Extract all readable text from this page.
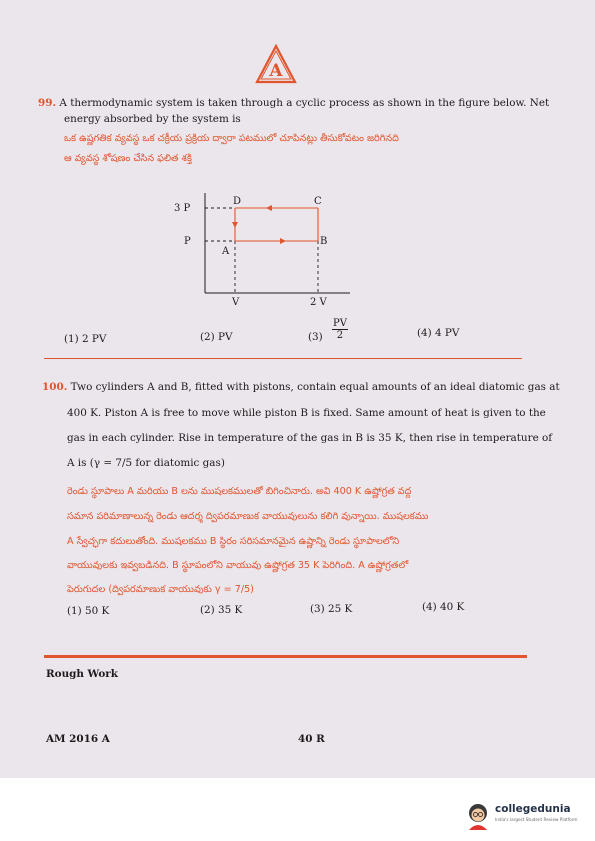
A
99. A thermodynamic system is taken through a cyclic process as shown in the figure below. Net
energy absorbed by the system is
ఒక ఉష్ణగతిక వ్యవస్థ ఒక చక్రీయ ప్రక్రియ ద్వారా పటములో చూపినట్లు తీసుకోవటం జరిగినది
ఆ వ్యవస్థ శోషణం చేసిన ఫలిత శక్తి
3 P
P
V	2 V
D	C
A
B
(1) 2 PV	(2) PV	$(3) \frac{PV}{2}$	(4) 4 PV
100. Two cylinders A and B, fitted with pistons, contain equal amounts of an ideal diatomic gas at
400 K. Piston A is free to move while piston B is fixed. Same amount of heat is given to the
gas in each cylinder. Rise in temperature of the gas in B is 35 K, then rise in temperature of
A is (γ = 7/5 for diatomic gas)
రెండు స్థూపాలు A మరియు B లను ముషలకములతో బిగించినారు. అవి 400 K ఉష్ణోగ్రత వద్ద
సమాన పరిమాణాలున్న రెండు ఆదర్శ ద్విపరమాణుక వాయువులును కలిగి వున్నాయి. ముషలకము
A స్వేచ్ఛగా కదులుతోంది. ముషలకము B స్థిరం సరిసమానమైన ఉష్ణాన్ని రెండు స్థూపాలలోని
వాయువులకు ఇవ్వబడినది. B స్థూపంలోని వాయువు ఉష్ణోగ్రత 35 K పెరిగింది. A ఉష్ణోగ్రతలో
పెరుగుదల (ద్విపరమాణుక వాయువుకు γ = 7/5)
(1) 50 K	(2) 35 K	(3) 25 K	(4) 40 K
Rough Work
AM 2016 A	40 R
collegedunia
India's largest Student Review Platform
